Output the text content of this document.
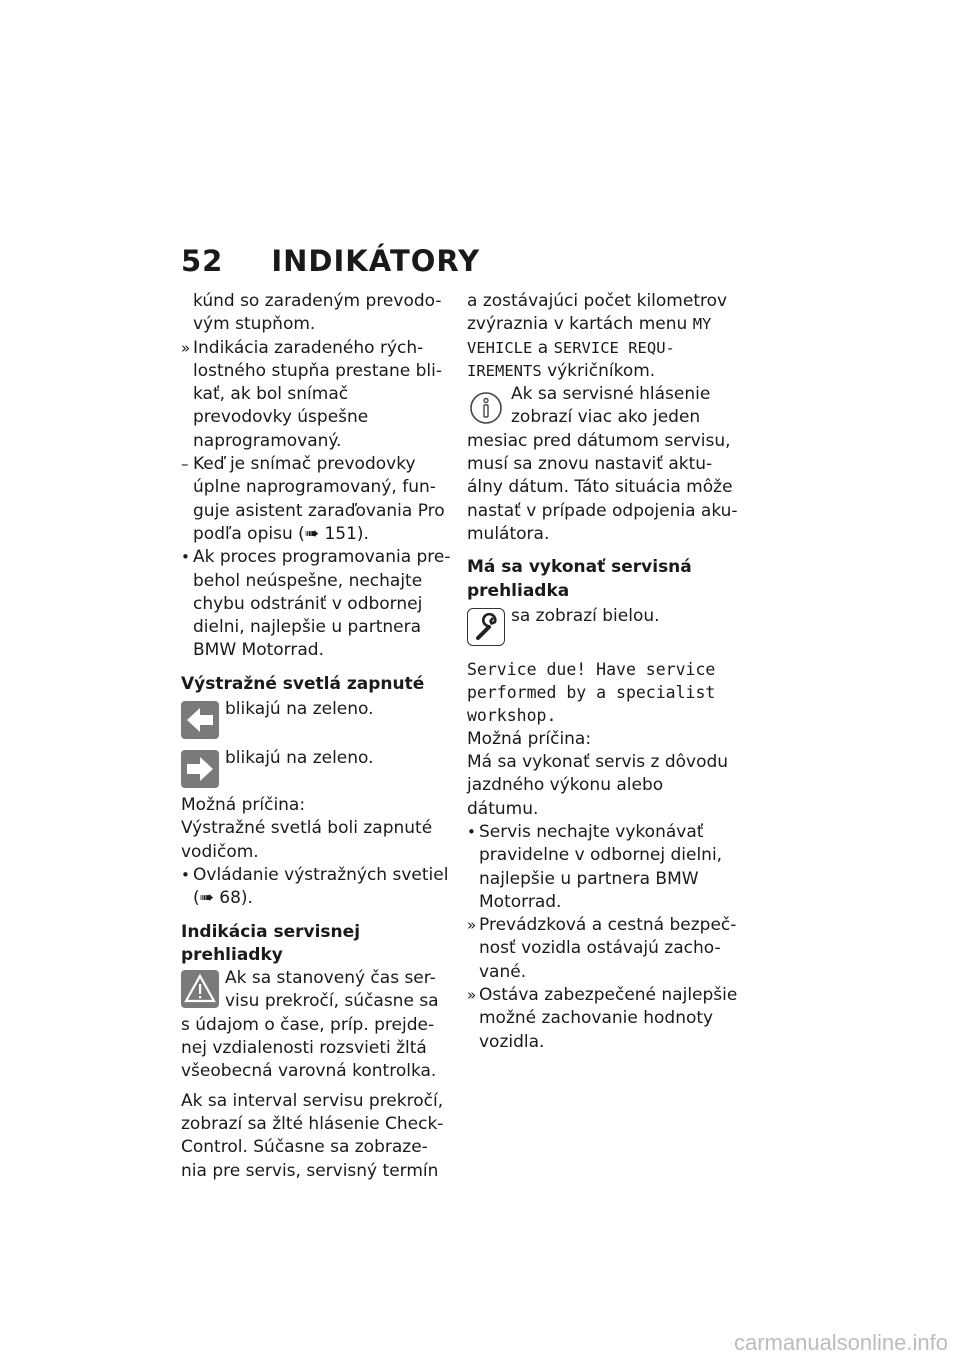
52 INDIKÁTORY

kúnd so zaradeným prevodo-vým stupňom.

» Indikácia zaradeného rých-lostného stupňa prestane bli-kať, ak bol snímač prevodovky úspešne naprogramovaný.

– Keď je snímač prevodovky úplne naprogramovaný, fun-guje asistent zaraďovania Pro podľa opisu (➠ 151).

• Ak proces programovania pre-behol neúspešne, nechajte chybu odstrániť v odbornej dielni, najlepšie u partnera BMW Motorrad.

Výstražné svetlá zapnuté

blikajú na zeleno.

blikajú na zeleno.

Možná príčina:

Výstražné svetlá boli zapnuté vodičom.

• Ovládanie výstražných svetiel
(➠ 68).

Indikácia servisnej prehliadky

Ak sa stanovený čas ser-visu prekročí, súčasne sa s údajom o čase, príp. prejde-nej vzdialenosti rozsvieti žltá všeobecná varovná kontrolka.

Ak sa interval servisu prekročí, zobrazí sa žlté hlásenie Check-Control. Súčasne sa zobraze-nia pre servis, servisný termín

a zostávajúci počet kilometrov zvýraznia v kartách menu MY VEHICLE a SERVICE REQU-IREMENTS výkričníkom.

Ak sa servisné hlásenie zobrazí viac ako jeden mesiac pred dátumom servisu, musí sa znovu nastaviť aktu-álny dátum. Táto situácia môže nastať v prípade odpojenia aku-mulátora.

Má sa vykonať servisná prehliadka

sa zobrazí bielou.

Service due! Have service performed by a specialist workshop.

Možná príčina:

Má sa vykonať servis z dôvodu jazdného výkonu alebo dátumu.

• Servis nechajte vykonávať pravidelne v odbornej dielni, najlepšie u partnera BMW Motorrad.

» Prevádzková a cestná bezpeč-nosť vozidla ostávajú zacho-vané.

» Ostáva zabezpečené najlepšie možné zachovanie hodnoty vozidla.

carmanualsonline.info
